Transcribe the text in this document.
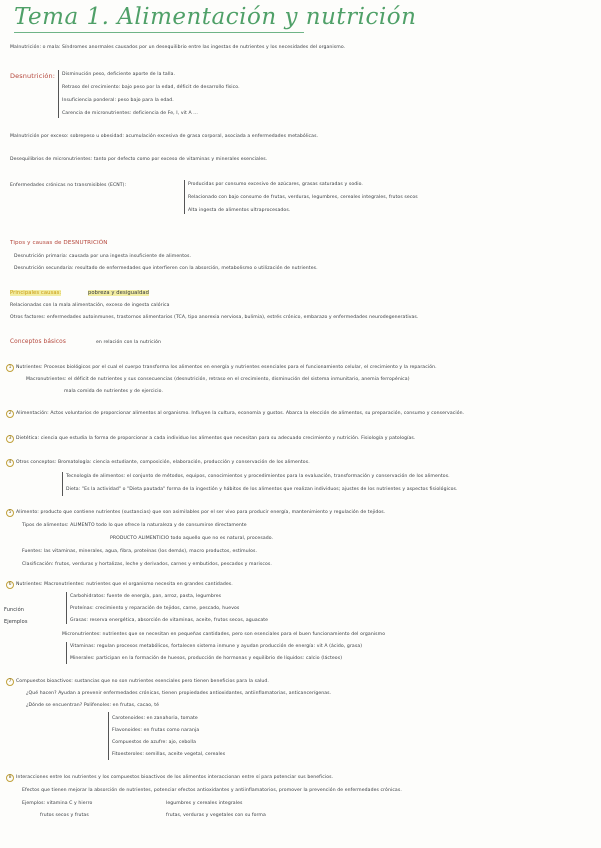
Tema 1. Alimentación y nutrición
Malnutrición: o mala: Síndromes anormales causados por un desequilibrio entre las ingestas de nutrientes y los necesidades del organismo.
Desnutrición: Disminución peso, deficiente aporte de la talla.
Retraso del crecimiento: bajo peso por la edad, déficit de desarrollo físico.
Insuficiencia ponderal: peso bajo para la edad.
Carencia de micronutrientes: deficiencia de Fe, I, vit A ...
Malnutrición por exceso: sobrepeso u obesidad: acumulación excesiva de grasa corporal, asociada a enfermedades metabólicas.
Desequilibrios de micronutrientes: tanto por defecto como por exceso de vitaminas y minerales esenciales.
Enfermedades crónicas no transmisibles (ECNT):	Producidas por consumo excesivo de azúcares, grasas saturadas y sodio.
Relacionado con bajo consumo de frutas, verduras, legumbres, cereales integrales, frutos secos
Alta ingesta de alimentos ultraprocesados.
Tipos y causas de DESNUTRICIÓN
Desnutrición primaria: causada por una ingesta insuficiente de alimentos.
Desnutrición secundaria: resultado de enfermedades que interfieren con la absorción, metabolismo o utilización de nutrientes.
Principales causas:	pobreza y desigualdad
Relacionadas con la mala alimentación, exceso de ingesta calórica
Otros factores: enfermedades autoinmunes, trastornos alimentarios (TCA, tipo anorexia nerviosa, bulimia), estrés crónico, embarazo y enfermedades neurodegenerativas.
Conceptos básicos	en relación con la nutrición
1 Nutrientes: Procesos biológicos por el cual el cuerpo transforma los alimentos en energía y nutrientes esenciales para el funcionamiento celular, el crecimiento y la reparación.
Macronutrientes: el déficit de nutrientes y sus consecuencias (desnutrición, retraso en el crecimiento, disminución del sistema inmunitario, anemia ferropénica)
mala comida de nutrientes y de ejercicio.
2 Alimentación: Actos voluntarios de proporcionar alimentos al organismo. Influyen la cultura, economía y gustos. Abarca la elección de alimentos, su preparación, consumo y conservación.
3 Dietética: ciencia que estudia la forma de proporcionar a cada individuo los alimentos que necesitan para su adecuado crecimiento y nutrición. Fisiología y patologías.
4 Otros conceptos: Bromatología: ciencia estudiante, composición, elaboración, producción y conservación de los alimentos.
Tecnología de alimentos: el conjunto de métodos, equipos, conocimientos y procedimientos para la evaluación, transformación y conservación de los alimentos.
Dieta: "Es la actividad" o "Dieta pautada" forma de la ingestión y hábitos de los alimentos que realizan individuos; ajustes de los nutrientes y aspectos fisiológicos.
5 Alimento: producto que contiene nutrientes (sustancias) que son asimilables por el ser vivo para producir energía, mantenimiento y regulación de tejidos.
Tipos de alimentos: ALIMENTO todo lo que ofrece la naturaleza y de consumirse directamente
PRODUCTO ALIMENTICIO todo aquello que no es natural, procesado.
Fuentes: las vitaminas, minerales, agua, fibra, proteínas (los demás), macro productos, estímulos.
Clasificación: frutos, verduras y hortalizas, leche y derivados, carnes y embutidos, pescados y mariscos.
6 Nutrientes: Macronutrientes: nutrientes que el organismo necesita en grandes cantidades.
Carbohidratos: fuente de energía, pan, arroz, pasta, legumbres
Proteínas: crecimiento y reparación de tejidos, carne, pescado, huevos
Grasas: reserva energética, absorción de vitaminas, aceite, frutos secos, aguacate
Función
Ejemplos
Micronutrientes: nutrientes que se necesitan en pequeñas cantidades, pero son esenciales para el buen funcionamiento del organismo
Vitaminas: regulan procesos metabólicos, fortalecen sistema inmune y ayudan producción de energía: vit A (ácido, grasa)
Minerales: participan en la formación de huesos, producción de hormonas y equilibrio de líquidos: calcio (lácteos)
7 Compuestos bioactivos: sustancias que no son nutrientes esenciales pero tienen beneficios para la salud.
¿Qué hacen? Ayudan a prevenir enfermedades crónicas, tienen propiedades antioxidantes, antiinflamatorias, anticancerígenas.
¿Dónde se encuentran? Polifenoles: en frutas, cacao, té
Carotenoides: en zanahoria, tomate
Flavonoides: en frutas como naranja
Compuestos de azufre: ajo, cebolla
Fitoesteroles: semillas, aceite vegetal, cereales
8 Interacciones entre los nutrientes y los compuestos bioactivos de los alimentos interaccionan entre sí para potenciar sus beneficios.
Efectos que tienen mejorar la absorción de nutrientes, potenciar efectos antioxidantes y antiinflamatorios, promover la prevención de enfermedades crónicas.
Ejemplos: vitamina C y hierro	legumbres y cereales integrales
frutos secos y frutas	frutas, verduras y vegetales con su forma
